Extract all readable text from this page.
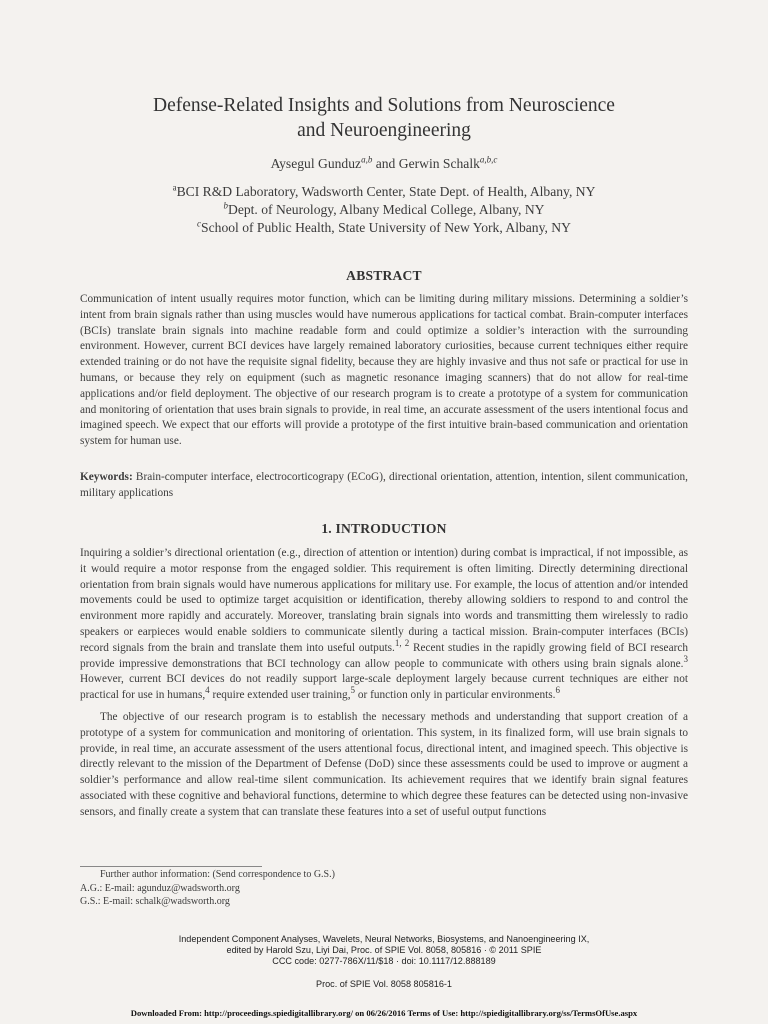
Defense-Related Insights and Solutions from Neuroscience
and Neuroengineering
Aysegul Gunduz$^{a,b}$ and Gerwin Schalk$^{a,b,c}$
$^a$BCI R&D Laboratory, Wadsworth Center, State Dept. of Health, Albany, NY
$^b$Dept. of Neurology, Albany Medical College, Albany, NY
$^c$School of Public Health, State University of New York, Albany, NY
ABSTRACT

Communication of intent usually requires motor function, which can be limiting during military missions. Determining a soldier’s intent from brain signals rather than using muscles would have numerous applications for tactical combat. Brain-computer interfaces (BCIs) translate brain signals into machine readable form and could optimize a soldier’s interaction with the surrounding environment. However, current BCI devices have largely remained laboratory curiosities, because current techniques either require extended training or do not have the requisite signal fidelity, because they are highly invasive and thus not safe or practical for use in humans, or because they rely on equipment (such as magnetic resonance imaging scanners) that do not allow for real-time applications and/or field deployment. The objective of our research program is to create a prototype of a system for communication and monitoring of orientation that uses brain signals to provide, in real time, an accurate assessment of the users intentional focus and imagined speech. We expect that our efforts will provide a prototype of the first intuitive brain-based communication and orientation system for human use.

Keywords: Brain-computer interface, electrocorticograpy (ECoG), directional orientation, attention, intention, silent communication, military applications

1. INTRODUCTION

Inquiring a soldier’s directional orientation (e.g., direction of attention or intention) during combat is impractical, if not impossible, as it would require a motor response from the engaged soldier. This requirement is often limiting. Directly determining directional orientation from brain signals would have numerous applications for military use. For example, the locus of attention and/or intended movements could be used to optimize target acquisition or identification, thereby allowing soldiers to respond to and control the environment more rapidly and accurately. Moreover, translating brain signals into words and transmitting them wirelessly to radio speakers or earpieces would enable soldiers to communicate silently during a tactical mission. Brain-computer interfaces (BCIs) record signals from the brain and translate them into useful outputs.$^{1, 2}$ Recent studies in the rapidly growing field of BCI research provide impressive demonstrations that BCI technology can allow people to communicate with others using brain signals alone.$^3$ However, current BCI devices do not readily support large-scale deployment largely because current techniques are either not practical for use in humans,$^4$ require extended user training,$^5$ or function only in particular environments.$^6$

The objective of our research program is to establish the necessary methods and understanding that support creation of a prototype of a system for communication and monitoring of orientation. This system, in its finalized form, will use brain signals to provide, in real time, an accurate assessment of the users attentional focus, directional intent, and imagined speech. This objective is directly relevant to the mission of the Department of Defense (DoD) since these assessments could be used to improve or augment a soldier’s performance and allow real-time silent communication. Its achievement requires that we identify brain signal features associated with these cognitive and behavioral functions, determine to which degree these features can be detected using non-invasive sensors, and finally create a system that can translate these features into a set of useful output functions

Further author information: (Send correspondence to G.S.)
A.G.: E-mail: agunduz@wadsworth.org
G.S.: E-mail: schalk@wadsworth.org
Independent Component Analyses, Wavelets, Neural Networks, Biosystems, and Nanoengineering IX,
edited by Harold Szu, Liyi Dai, Proc. of SPIE Vol. 8058, 805816 · © 2011 SPIE
CCC code: 0277-786X/11/$18 · doi: 10.1117/12.888189
Proc. of SPIE Vol. 8058 805816-1
Downloaded From: http://proceedings.spiedigitallibrary.org/ on 06/26/2016 Terms of Use: http://spiedigitallibrary.org/ss/TermsOfUse.aspx
